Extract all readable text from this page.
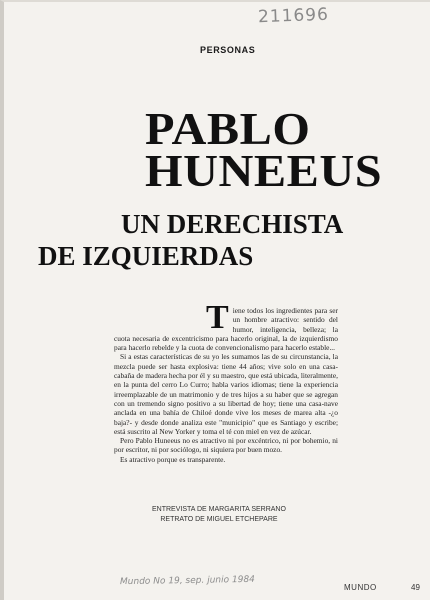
211696
PERSONAS
PABLO
HUNEEUS
UN DERECHISTA
DE IZQUIERDAS

Tiene todos los ingredientes para ser un hombre atractivo: sentido del humor, inteligencia, belleza; la cuota necesaria de excentricismo para hacerlo original, la de izquierdismo para hacerlo rebelde y la cuota de convencionalismo para hacerlo estable...

Si a estas características de su yo les sumamos las de su circunstancia, la mezcla puede ser hasta explosiva: tiene 44 años; vive solo en una casa-cabaña de madera hecha por él y su maestro, que está ubicada, literalmente, en la punta del cerro Lo Curro; habla varios idiomas; tiene la experiencia irreemplazable de un matrimonio y de tres hijos a su haber que se agregan con un tremendo signo positivo a su libertad de hoy; tiene una casa-nave anclada en una bahía de Chiloé donde vive los meses de marea alta -¿o baja?- y desde donde analiza este "municipio" que es Santiago y escribe; está suscrito al New Yorker y toma el té con miel en vez de azúcar.

Pero Pablo Huneeus no es atractivo ni por excéntrico, ni por bohemio, ni por escritor, ni por sociólogo, ni siquiera por buen mozo.

Es atractivo porque es transparente.

ENTREVISTA DE MARGARITA SERRANO
RETRATO DE MIGUEL ETCHEPARE
Mundo No 19, sep. junio 1984
MUNDO	49
